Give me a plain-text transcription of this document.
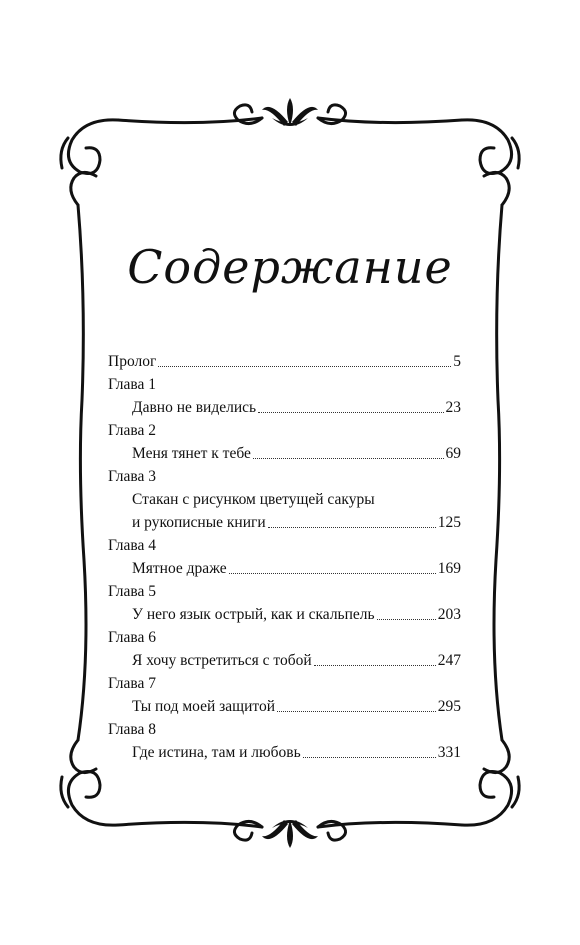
Содержание
Пролог	5
Глава 1
Давно не виделись	23
Глава 2
Меня тянет к тебе	69
Глава 3
Стакан с рисунком цветущей сакуры
и рукописные книги	125
Глава 4
Мятное драже	169
Глава 5
У него язык острый, как и скальпель	203
Глава 6
Я хочу встретиться с тобой	247
Глава 7
Ты под моей защитой	295
Глава 8
Где истина, там и любовь	331
